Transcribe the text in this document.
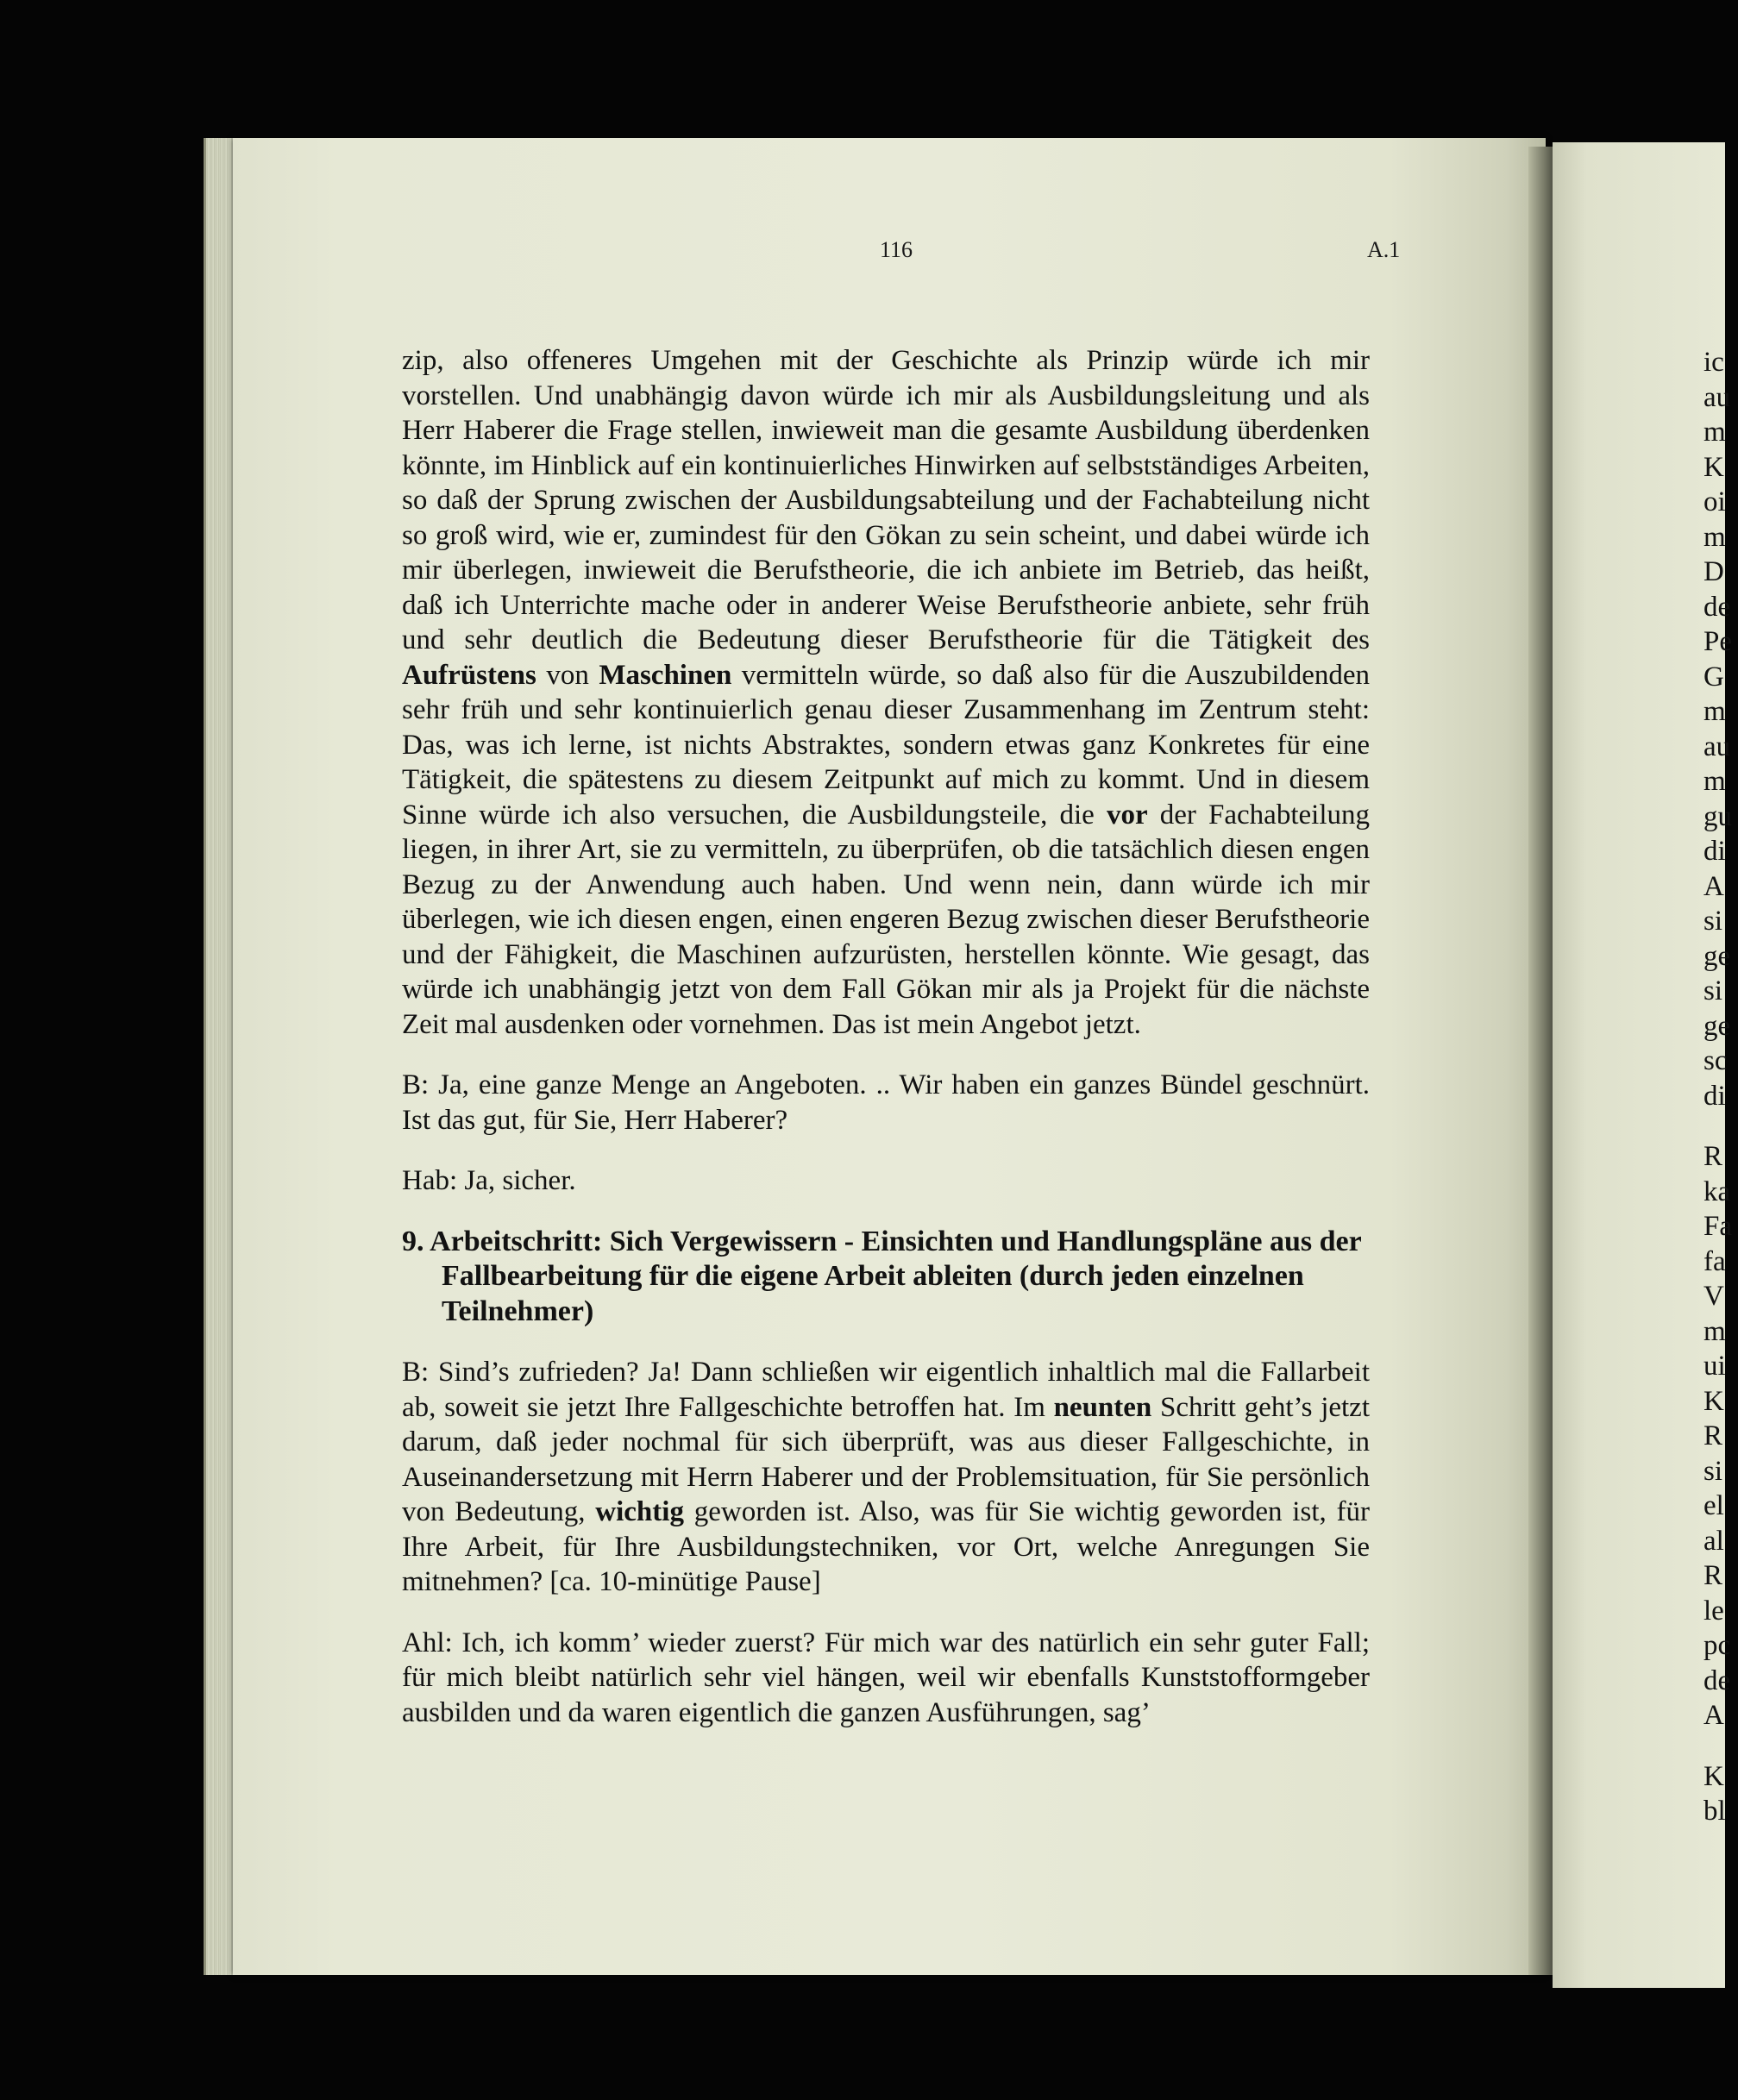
116	A.1

zip, also offeneres Umgehen mit der Geschichte als Prinzip würde ich mir vorstellen. Und unabhängig davon würde ich mir als Ausbildungsleitung und als Herr Haberer die Frage stellen, inwieweit man die gesamte Ausbildung überdenken könnte, im Hinblick auf ein kontinuierliches Hinwirken auf selbstständiges Arbeiten, so daß der Sprung zwischen der Ausbildungsabteilung und der Fachabteilung nicht so groß wird, wie er, zumindest für den Gökan zu sein scheint, und dabei würde ich mir überlegen, inwieweit die Berufstheorie, die ich anbiete im Betrieb, das heißt, daß ich Unterrichte mache oder in anderer Weise Berufstheorie anbiete, sehr früh und sehr deutlich die Bedeutung dieser Berufstheorie für die Tätigkeit des Aufrüstens von Maschinen vermitteln würde, so daß also für die Auszubildenden sehr früh und sehr kontinuierlich genau dieser Zusammenhang im Zentrum steht: Das, was ich lerne, ist nichts Abstraktes, sondern etwas ganz Konkretes für eine Tätigkeit, die spätestens zu diesem Zeitpunkt auf mich zu kommt. Und in diesem Sinne würde ich also versuchen, die Ausbildungsteile, die vor der Fachabteilung liegen, in ihrer Art, sie zu vermitteln, zu überprüfen, ob die tatsächlich diesen engen Bezug zu der Anwendung auch haben. Und wenn nein, dann würde ich mir überlegen, wie ich diesen engen, einen engeren Bezug zwischen dieser Berufstheorie und der Fähigkeit, die Maschinen aufzurüsten, herstellen könnte. Wie gesagt, das würde ich unabhängig jetzt von dem Fall Gökan mir als ja Projekt für die nächste Zeit mal ausdenken oder vornehmen. Das ist mein Angebot jetzt.

B: Ja, eine ganze Menge an Angeboten. .. Wir haben ein ganzes Bündel geschnürt. Ist das gut, für Sie, Herr Haberer?

Hab: Ja, sicher.

9. Arbeitschritt: Sich Vergewissern - Einsichten und Handlungspläne aus der Fallbearbeitung für die eigene Arbeit ableiten (durch jeden einzelnen Teilnehmer)

B: Sind’s zufrieden? Ja! Dann schließen wir eigentlich inhaltlich mal die Fallarbeit ab, soweit sie jetzt Ihre Fallgeschichte betroffen hat. Im neunten Schritt geht’s jetzt darum, daß jeder nochmal für sich überprüft, was aus dieser Fallgeschichte, in Auseinandersetzung mit Herrn Haberer und der Problemsituation, für Sie persönlich von Bedeutung, wichtig geworden ist. Also, was für Sie wichtig geworden ist, für Ihre Arbeit, für Ihre Ausbildungstechniken, vor Ort, welche Anregungen Sie mitnehmen? [ca. 10-minütige Pause]

Ahl: Ich, ich komm’ wieder zuerst? Für mich war des natürlich ein sehr guter Fall; für mich bleibt natürlich sehr viel hängen, weil wir ebenfalls Kunststofformgeber ausbilden und da waren eigentlich die ganzen Ausführungen, sag’

ic
au
m
K
oi
m
D
de
Pe
G
m
au
m
gu
di
A
si
ge
si
ge
sc
di
R
ka
Fa
fa
V
m
ui
K
R
si
el
al
R
le
pc
de
A
K
bl
